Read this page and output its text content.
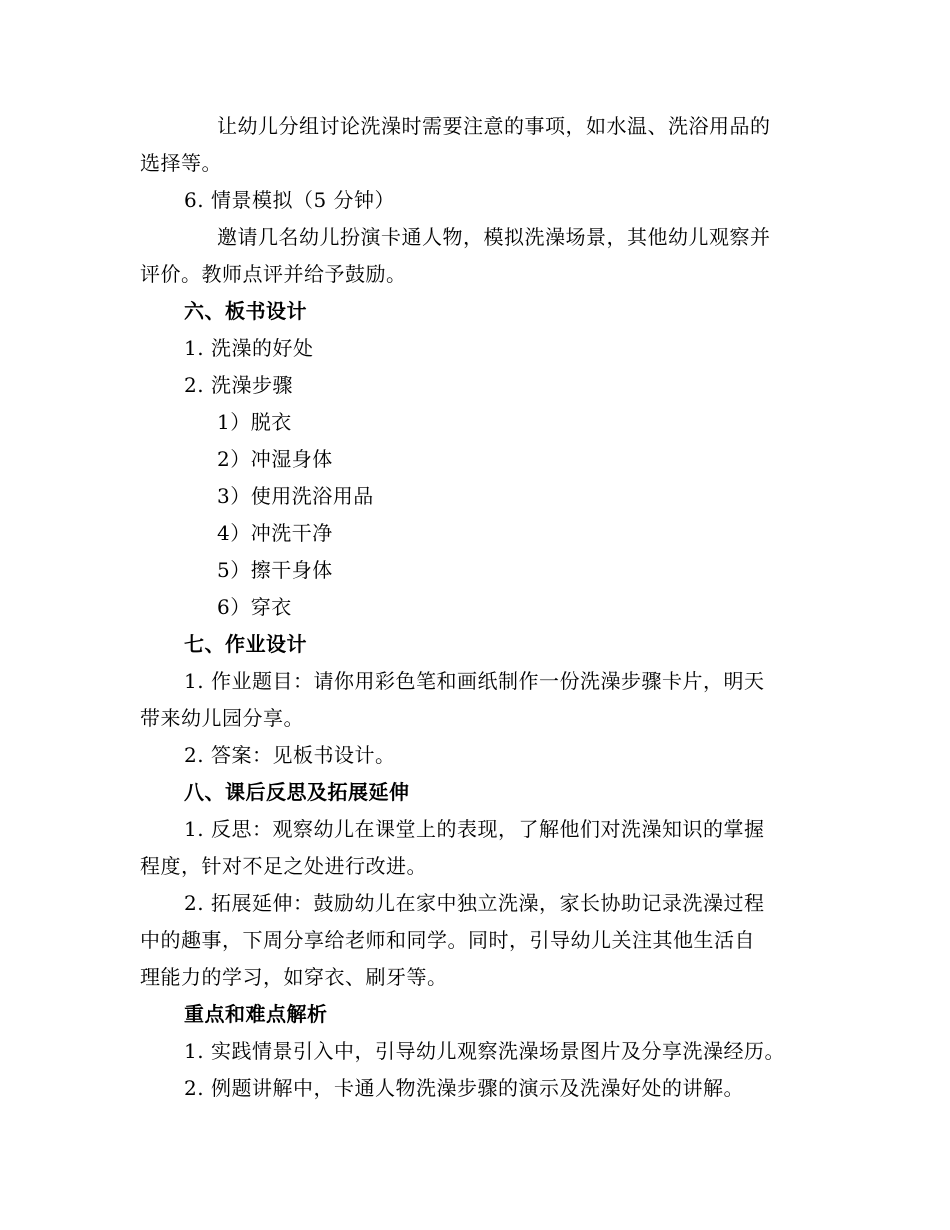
让幼儿分组讨论洗澡时需要注意的事项，如水温、洗浴用品的
选择等。
6. 情景模拟（5 分钟）
邀请几名幼儿扮演卡通人物，模拟洗澡场景，其他幼儿观察并
评价。教师点评并给予鼓励。
六、板书设计
1. 洗澡的好处
2. 洗澡步骤
1）脱衣
2）冲湿身体
3）使用洗浴用品
4）冲洗干净
5）擦干身体
6）穿衣
七、作业设计
1. 作业题目：请你用彩色笔和画纸制作一份洗澡步骤卡片，明天
带来幼儿园分享。
2. 答案：见板书设计。
八、课后反思及拓展延伸
1. 反思：观察幼儿在课堂上的表现，了解他们对洗澡知识的掌握
程度，针对不足之处进行改进。
2. 拓展延伸：鼓励幼儿在家中独立洗澡，家长协助记录洗澡过程
中的趣事，下周分享给老师和同学。同时，引导幼儿关注其他生活自
理能力的学习，如穿衣、刷牙等。
重点和难点解析
1. 实践情景引入中，引导幼儿观察洗澡场景图片及分享洗澡经历。
2. 例题讲解中，卡通人物洗澡步骤的演示及洗澡好处的讲解。
